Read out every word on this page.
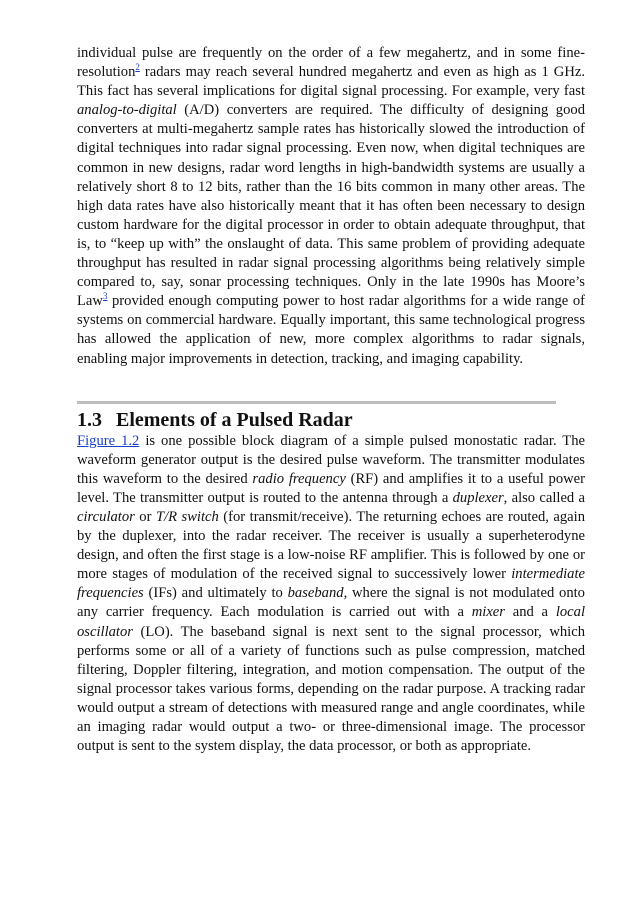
individual pulse are frequently on the order of a few megahertz, and in some fine-resolution$^2$ radars may reach several hundred megahertz and even as high as 1 GHz. This fact has several implications for digital signal processing. For example, very fast analog-to-digital (A/D) converters are required. The difficulty of designing good converters at multi-megahertz sample rates has historically slowed the introduction of digital techniques into radar signal processing. Even now, when digital techniques are common in new designs, radar word lengths in high-bandwidth systems are usually a relatively short 8 to 12 bits, rather than the 16 bits common in many other areas. The high data rates have also historically meant that it has often been necessary to design custom hardware for the digital processor in order to obtain adequate throughput, that is, to “keep up with” the onslaught of data. This same problem of providing adequate throughput has resulted in radar signal processing algorithms being relatively simple compared to, say, sonar processing techniques. Only in the late 1990s has Moore’s Law$^3$ provided enough computing power to host radar algorithms for a wide range of systems on commercial hardware. Equally important, this same technological progress has allowed the application of new, more complex algorithms to radar signals, enabling major improvements in detection, tracking, and imaging capability.

1.3 Elements of a Pulsed Radar

Figure 1.2 is one possible block diagram of a simple pulsed monostatic radar. The waveform generator output is the desired pulse waveform. The transmitter modulates this waveform to the desired radio frequency (RF) and amplifies it to a useful power level. The transmitter output is routed to the antenna through a duplexer, also called a circulator or T/R switch (for transmit/receive). The returning echoes are routed, again by the duplexer, into the radar receiver. The receiver is usually a superheterodyne design, and often the first stage is a low-noise RF amplifier. This is followed by one or more stages of modulation of the received signal to successively lower intermediate frequencies (IFs) and ultimately to baseband, where the signal is not modulated onto any carrier frequency. Each modulation is carried out with a mixer and a local oscillator (LO). The baseband signal is next sent to the signal processor, which performs some or all of a variety of functions such as pulse compression, matched filtering, Doppler filtering, integration, and motion compensation. The output of the signal processor takes various forms, depending on the radar purpose. A tracking radar would output a stream of detections with measured range and angle coordinates, while an imaging radar would output a two- or three-dimensional image. The processor output is sent to the system display, the data processor, or both as appropriate.
